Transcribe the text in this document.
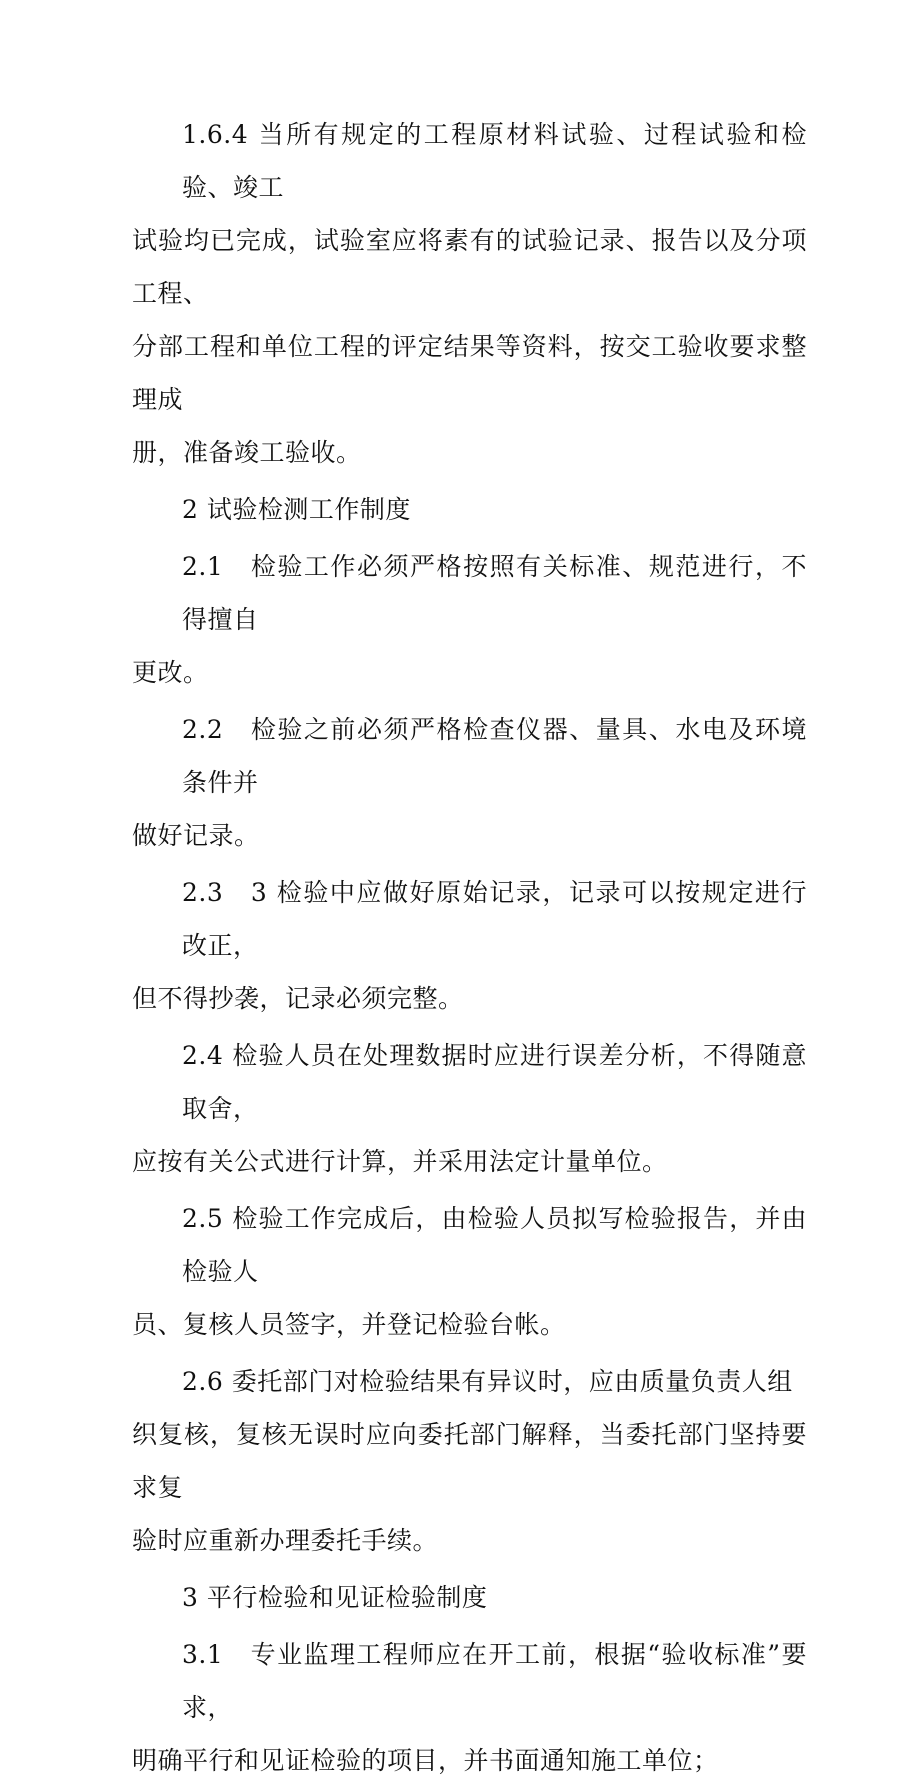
1.6.4 当所有规定的工程原材料试验、过程试验和检验、竣工
试验均已完成，试验室应将素有的试验记录、报告以及分项工程、
分部工程和单位工程的评定结果等资料，按交工验收要求整理成
册，准备竣工验收。

2 试验检测工作制度

2.1　检验工作必须严格按照有关标准、规范进行，不得擅自
更改。

2.2　检验之前必须严格检查仪器、量具、水电及环境条件并
做好记录。

2.3　3 检验中应做好原始记录，记录可以按规定进行改正，
但不得抄袭，记录必须完整。

2.4 检验人员在处理数据时应进行误差分析，不得随意取舍，
应按有关公式进行计算，并采用法定计量单位。

2.5 检验工作完成后，由检验人员拟写检验报告，并由检验人
员、复核人员签字，并登记检验台帐。

2.6 委托部门对检验结果有异议时，应由质量负责人组
织复核，复核无误时应向委托部门解释，当委托部门坚持要求复
验时应重新办理委托手续。

3 平行检验和见证检验制度

3.1　专业监理工程师应在开工前，根据“验收标准”要求，
明确平行和见证检验的项目，并书面通知施工单位；
